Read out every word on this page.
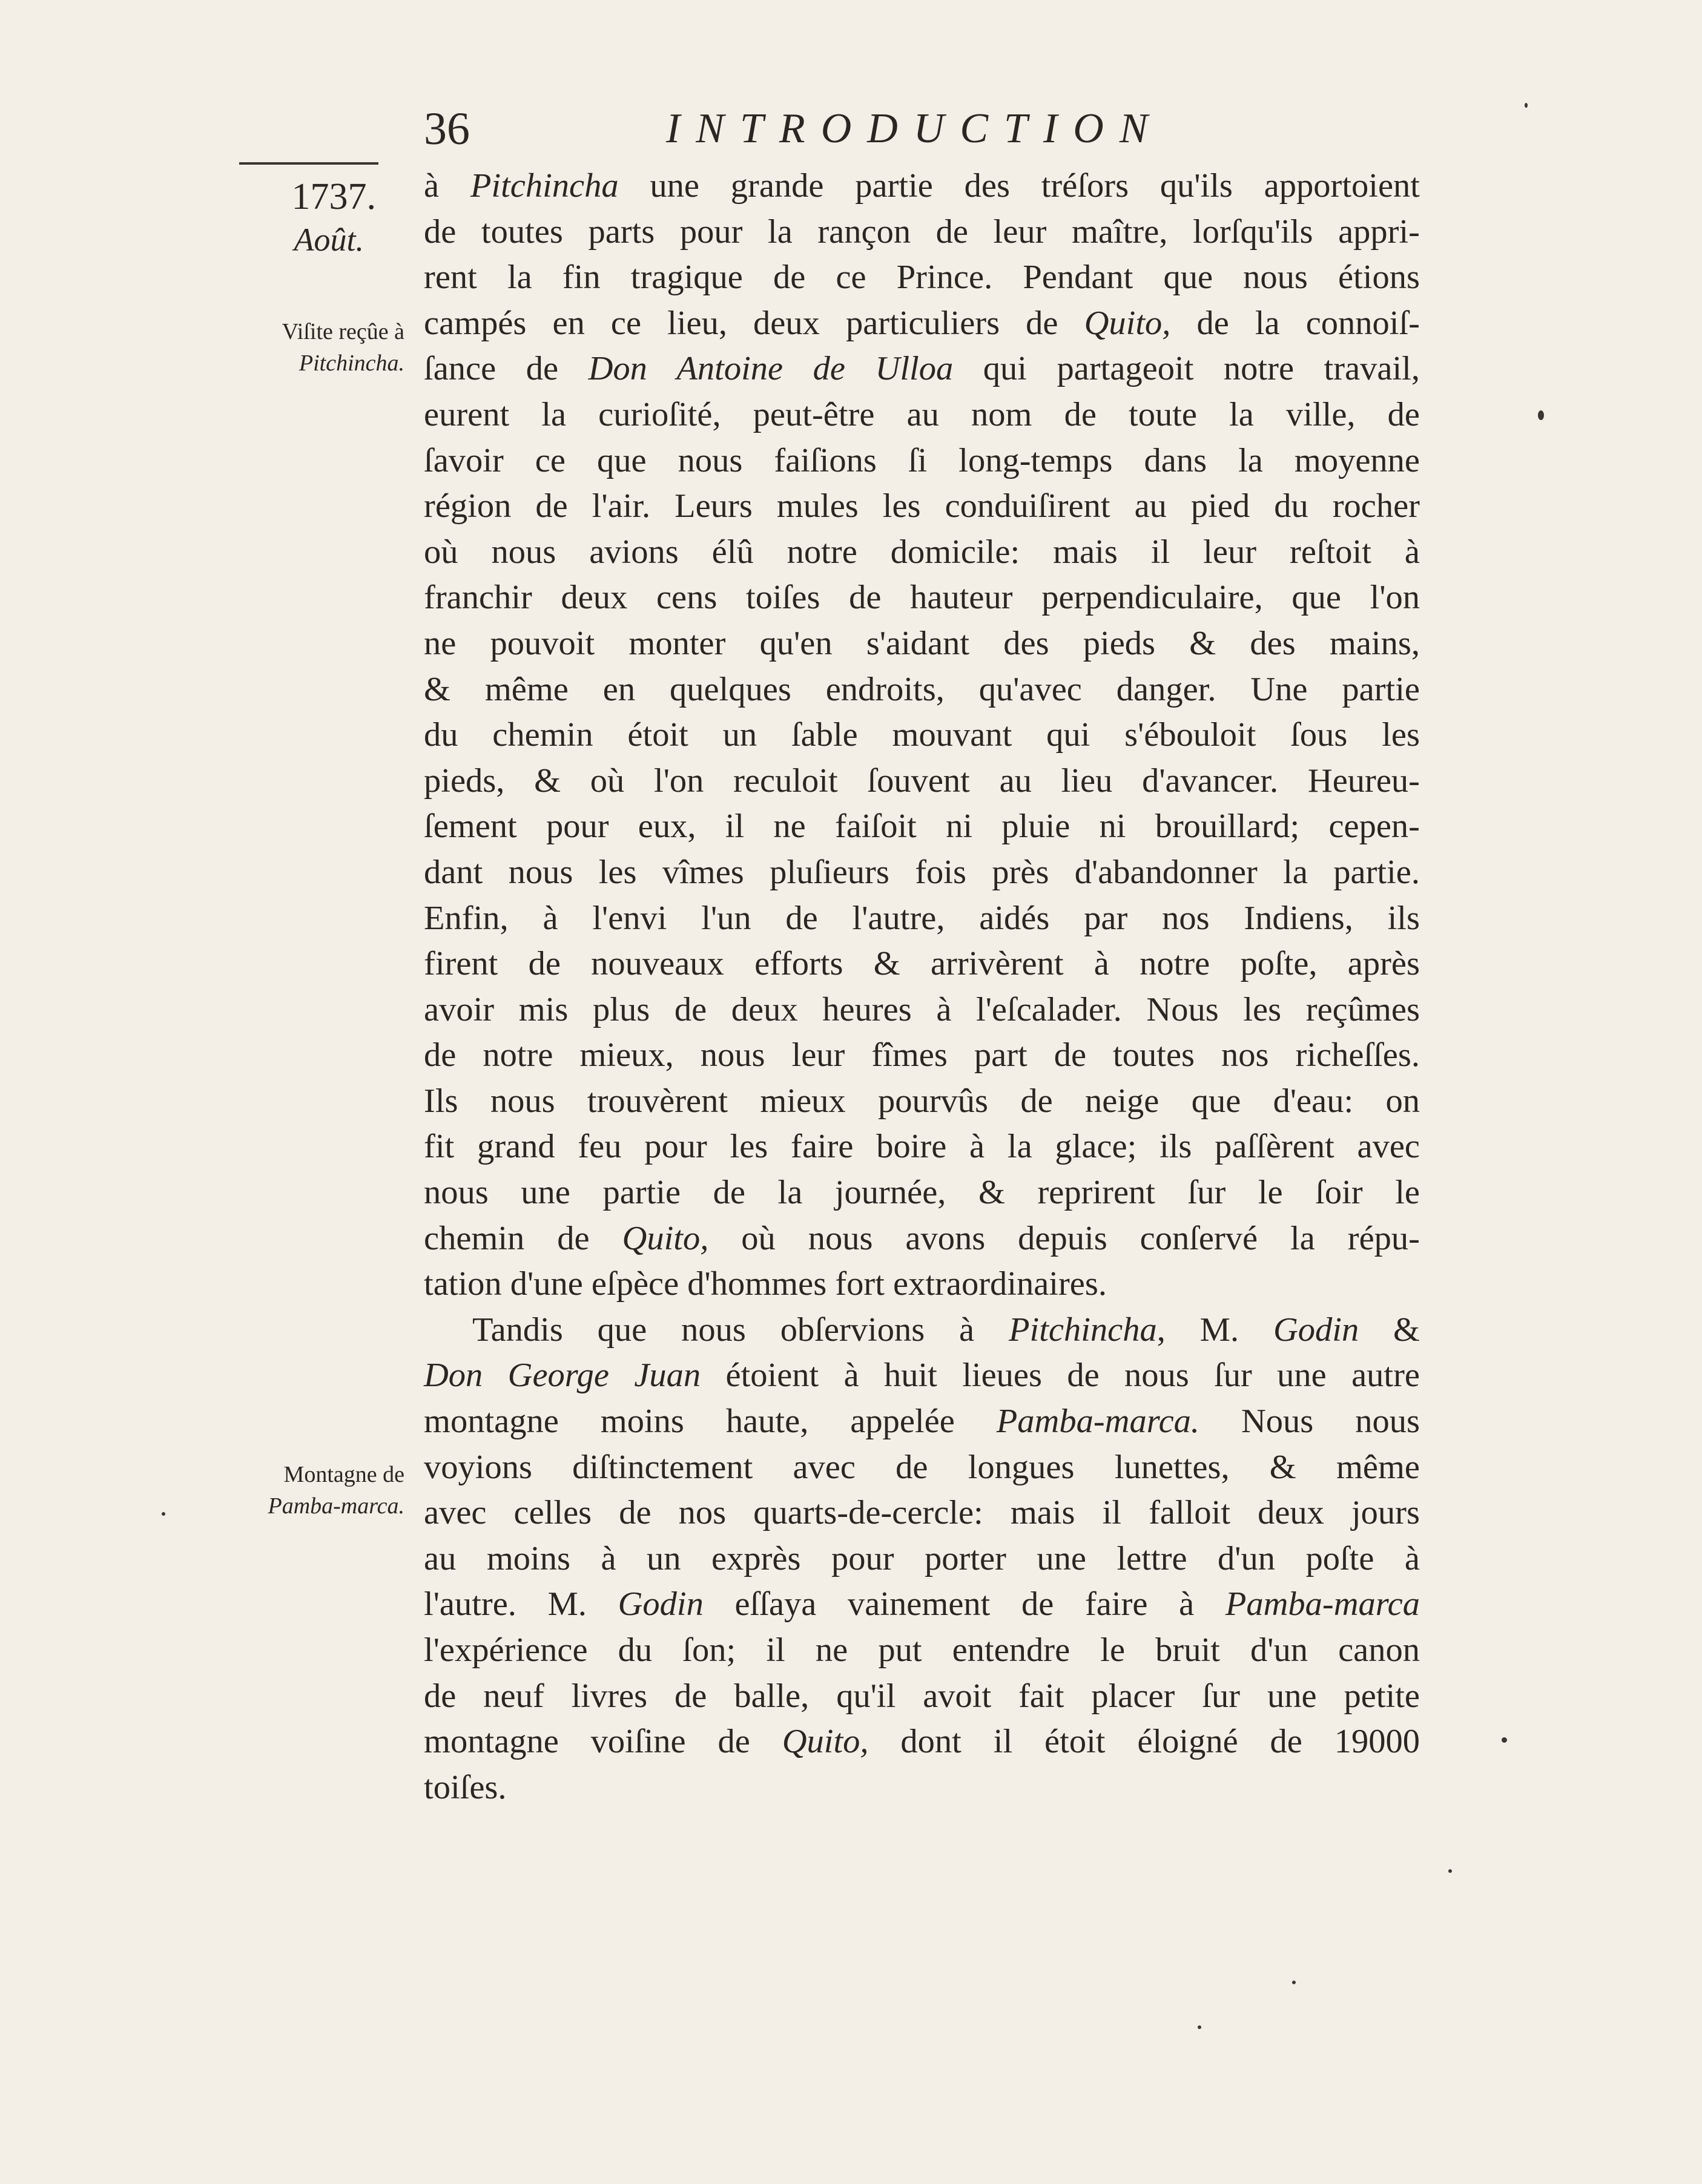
36	INTRODUCTION
1737.
Août.
Viſite reçûe à
Pitchincha.
Montagne de
Pamba-marca.
à Pitchincha une grande partie des tréſors qu'ils apportoient
de toutes parts pour la rançon de leur maître, lorſqu'ils appri-
rent la fin tragique de ce Prince. Pendant que nous étions
campés en ce lieu, deux particuliers de Quito, de la connoiſ-
ſance de Don Antoine de Ulloa qui partageoit notre travail,
eurent la curioſité, peut-être au nom de toute la ville, de
ſavoir ce que nous faiſions ſi long-temps dans la moyenne
région de l'air. Leurs mules les conduiſirent au pied du rocher
où nous avions élû notre domicile: mais il leur reſtoit à
franchir deux cens toiſes de hauteur perpendiculaire, que l'on
ne pouvoit monter qu'en s'aidant des pieds & des mains,
& même en quelques endroits, qu'avec danger. Une partie
du chemin étoit un ſable mouvant qui s'ébouloit ſous les
pieds, & où l'on reculoit ſouvent au lieu d'avancer. Heureu-
ſement pour eux, il ne faiſoit ni pluie ni brouillard; cepen-
dant nous les vîmes pluſieurs fois près d'abandonner la partie.
Enfin, à l'envi l'un de l'autre, aidés par nos Indiens, ils
firent de nouveaux efforts & arrivèrent à notre poſte, après
avoir mis plus de deux heures à l'eſcalader. Nous les reçûmes
de notre mieux, nous leur fîmes part de toutes nos richeſſes.
Ils nous trouvèrent mieux pourvûs de neige que d'eau: on
fit grand feu pour les faire boire à la glace; ils paſſèrent avec
nous une partie de la journée, & reprirent ſur le ſoir le
chemin de Quito, où nous avons depuis conſervé la répu-
tation d'une eſpèce d'hommes fort extraordinaires.
Tandis que nous obſervions à Pitchincha, M. Godin &
Don George Juan étoient à huit lieues de nous ſur une autre
montagne moins haute, appelée Pamba-marca. Nous nous
voyions diſtinctement avec de longues lunettes, & même
avec celles de nos quarts-de-cercle: mais il falloit deux jours
au moins à un exprès pour porter une lettre d'un poſte à
l'autre. M. Godin eſſaya vainement de faire à Pamba-marca
l'expérience du ſon; il ne put entendre le bruit d'un canon
de neuf livres de balle, qu'il avoit fait placer ſur une petite
montagne voiſine de Quito, dont il étoit éloigné de 19000
toiſes.
